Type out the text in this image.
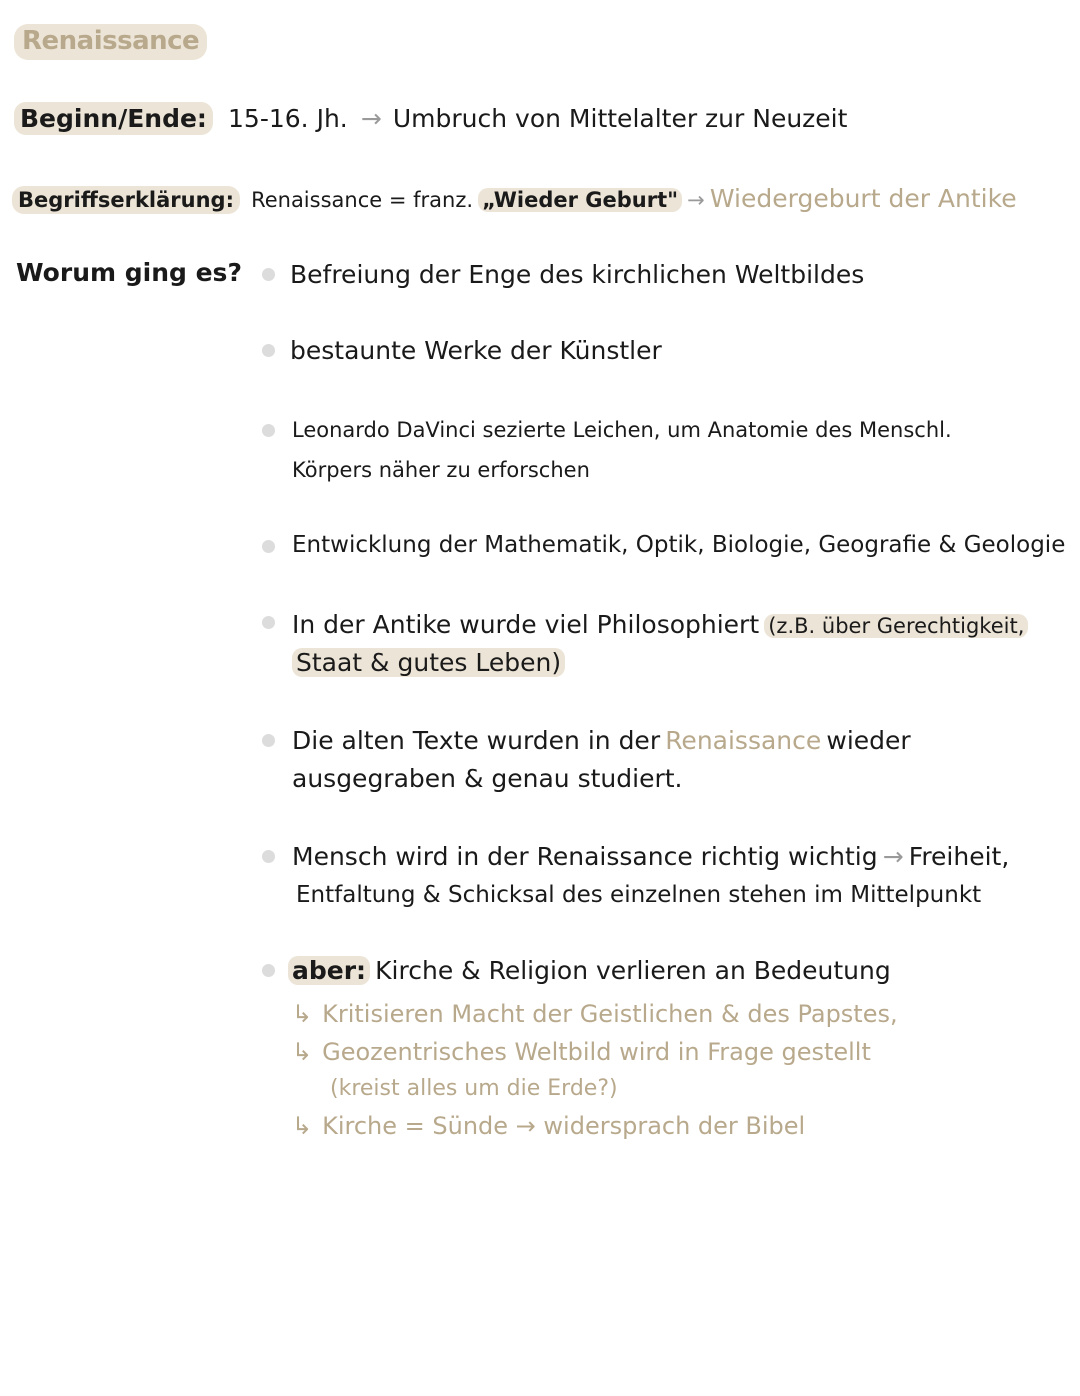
Renaissance
Beginn/Ende: 15-16. Jh. → Umbruch von Mittelalter zur Neuzeit
Begriffserklärung: Renaissance = franz. „Wieder Geburt" → Wiedergeburt der Antike
Worum ging es? Befreiung der Enge des kirchlichen Weltbildes
bestaunte Werke der Künstler
Leonardo DaVinci sezierte Leichen, um Anatomie des Menschl.
Körpers näher zu erforschen
Entwicklung der Mathematik, Optik, Biologie, Geografie & Geologie
In der Antike wurde viel Philosophiert (z.B. über Gerechtigkeit,
Staat & gutes Leben)
Die alten Texte wurden in der Renaissance wieder
ausgegraben & genau studiert.
Mensch wird in der Renaissance richtig wichtig → Freiheit,
Entfaltung & Schicksal des einzelnen stehen im Mittelpunkt
aber: Kirche & Religion verlieren an Bedeutung
↳ Kritisieren Macht der Geistlichen & des Papstes,
↳ Geozentrisches Weltbild wird in Frage gestellt
(kreist alles um die Erde?)
↳ Kirche = Sünde → widersprach der Bibel
